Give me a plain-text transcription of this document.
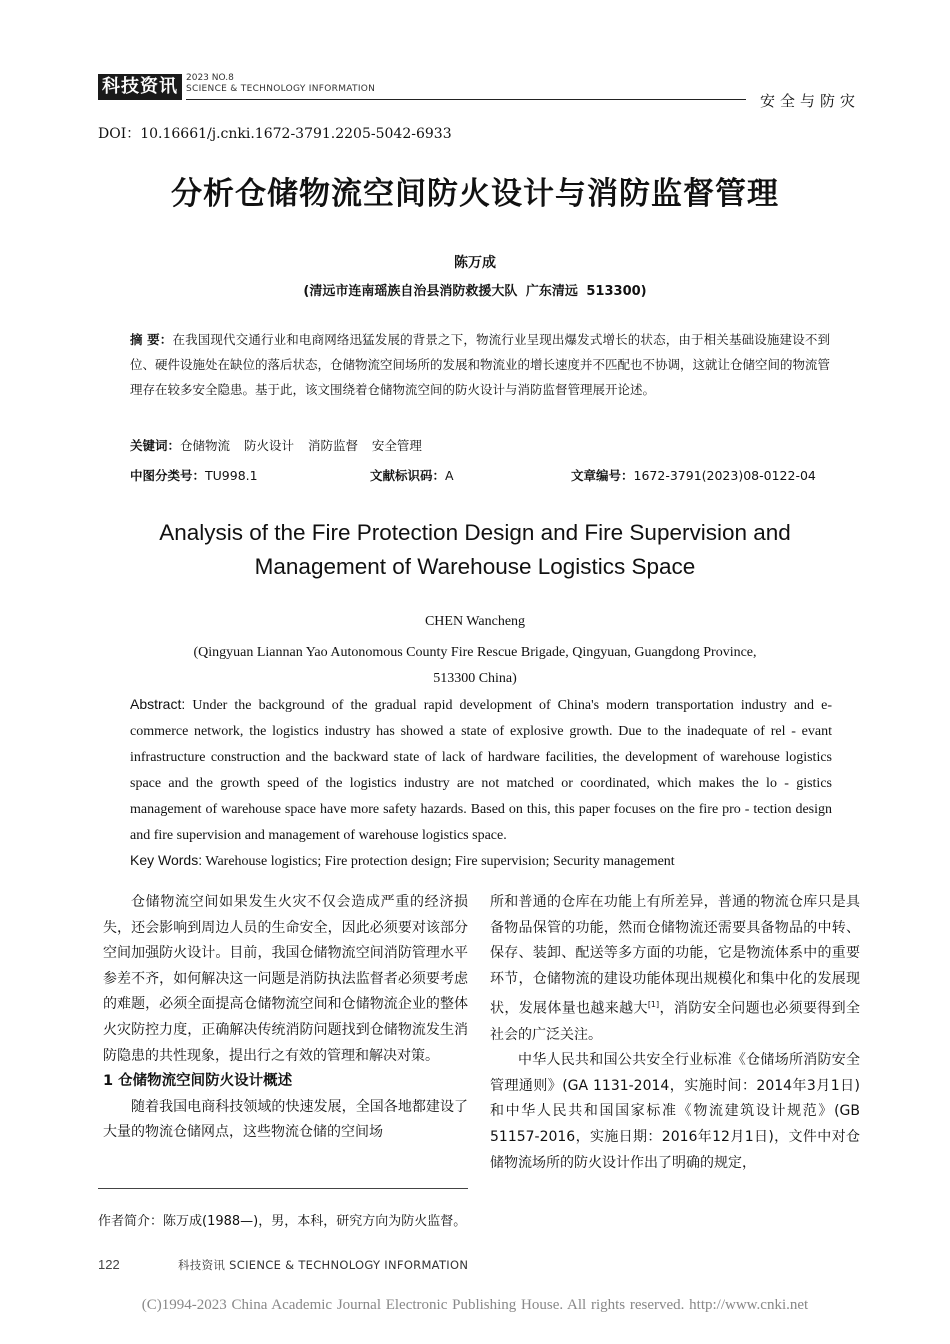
科技资讯 2023 NO.8
SCIENCE & TECHNOLOGY INFORMATION
安全与防灾
DOI：10.16661/j.cnki.1672-3791.2205-5042-6933
分析仓储物流空间防火设计与消防监督管理
陈万成
(清远市连南瑶族自治县消防救援大队 广东清远 513300)
摘 要：在我国现代交通行业和电商网络迅猛发展的背景之下，物流行业呈现出爆发式增长的状态，由于相关基础设施建设不到位、硬件设施处在缺位的落后状态，仓储物流空间场所的发展和物流业的增长速度并不匹配也不协调，这就让仓储空间的物流管理存在较多安全隐患。基于此，该文围绕着仓储物流空间的防火设计与消防监督管理展开论述。
关键词：仓储物流 防火设计 消防监督 安全管理
中图分类号：TU998.1	文献标识码：A	文章编号：1672-3791(2023)08-0122-04
Analysis of the Fire Protection Design and Fire Supervision and
Management of Warehouse Logistics Space
CHEN Wancheng
(Qingyuan Liannan Yao Autonomous County Fire Rescue Brigade, Qingyuan, Guangdong Province,
513300 China)
Abstract: Under the background of the gradual rapid development of China's modern transportation industry and e-commerce network, the logistics industry has showed a state of explosive growth. Due to the inadequate of rel - evant infrastructure construction and the backward state of lack of hardware facilities, the development of warehouse logistics space and the growth speed of the logistics industry are not matched or coordinated, which makes the lo - gistics management of warehouse space have more safety hazards. Based on this, this paper focuses on the fire pro - tection design and fire supervision and management of warehouse logistics space.
Key Words: Warehouse logistics; Fire protection design; Fire supervision; Security management

仓储物流空间如果发生火灾不仅会造成严重的经济损失，还会影响到周边人员的生命安全，因此必须要对该部分空间加强防火设计。目前，我国仓储物流空间消防管理水平参差不齐，如何解决这一问题是消防执法监督者必须要考虑的难题，必须全面提高仓储物流空间和仓储物流企业的整体火灾防控力度，正确解决传统消防问题找到仓储物流发生消防隐患的共性现象，提出行之有效的管理和解决对策。

1 仓储物流空间防火设计概述

随着我国电商科技领域的快速发展，全国各地都建设了大量的物流仓储网点，这些物流仓储的空间场

所和普通的仓库在功能上有所差异，普通的物流仓库只是具备物品保管的功能，然而仓储物流还需要具备物品的中转、保存、装卸、配送等多方面的功能，它是物流体系中的重要环节，仓储物流的建设功能体现出规模化和集中化的发展现状，发展体量也越来越大[1]，消防安全问题也必须要得到全社会的广泛关注。

中华人民共和国公共安全行业标准《仓储场所消防安全管理通则》(GA 1131-2014，实施时间：2014年3月1日)和中华人民共和国国家标准《物流建筑设计规范》(GB 51157-2016，实施日期：2016年12月1日)，文件中对仓储物流场所的防火设计作出了明确的规定，

作者简介：陈万成(1988—)，男，本科，研究方向为防火监督。
122	科技资讯 SCIENCE & TECHNOLOGY INFORMATION
(C)1994-2023 China Academic Journal Electronic Publishing House. All rights reserved. http://www.cnki.net
